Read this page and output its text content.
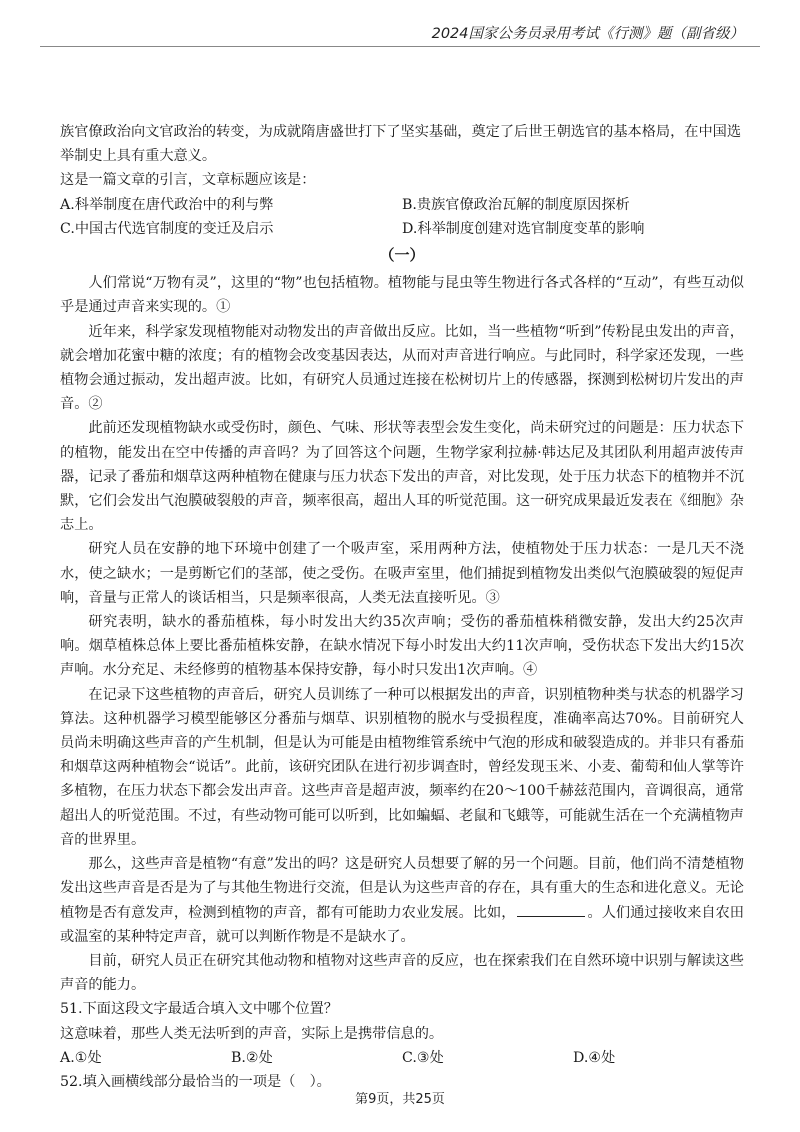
2024国家公务员录用考试《行测》题（副省级）

族官僚政治向文官政治的转变，为成就隋唐盛世打下了坚实基础，奠定了后世王朝选官的基本格局，在中国选
举制史上具有重大意义。

这是一篇文章的引言，文章标题应该是：

A.科举制度在唐代政治中的利与弊	B.贵族官僚政治瓦解的制度原因探析
C.中国古代选官制度的变迁及启示	D.科举制度创建对选官制度变革的影响
（一）

人们常说“万物有灵”，这里的“物”也包括植物。植物能与昆虫等生物进行各式各样的“互动”，有些互动似乎是通过声音来实现的。①

近年来，科学家发现植物能对动物发出的声音做出反应。比如，当一些植物“听到”传粉昆虫发出的声音，就会增加花蜜中糖的浓度；有的植物会改变基因表达，从而对声音进行响应。与此同时，科学家还发现，一些植物会通过振动，发出超声波。比如，有研究人员通过连接在松树切片上的传感器，探测到松树切片发出的声音。②

此前还发现植物缺水或受伤时，颜色、气味、形状等表型会发生变化，尚未研究过的问题是：压力状态下的植物，能发出在空中传播的声音吗？为了回答这个问题，生物学家利拉赫·韩达尼及其团队利用超声波传声器，记录了番茄和烟草这两种植物在健康与压力状态下发出的声音，对比发现，处于压力状态下的植物并不沉默，它们会发出气泡膜破裂般的声音，频率很高，超出人耳的听觉范围。这一研究成果最近发表在《细胞》杂志上。

研究人员在安静的地下环境中创建了一个吸声室，采用两种方法，使植物处于压力状态：一是几天不浇水，使之缺水；一是剪断它们的茎部，使之受伤。在吸声室里，他们捕捉到植物发出类似气泡膜破裂的短促声响，音量与正常人的谈话相当，只是频率很高，人类无法直接听见。③

研究表明，缺水的番茄植株，每小时发出大约35次声响；受伤的番茄植株稍微安静，发出大约25次声响。烟草植株总体上要比番茄植株安静，在缺水情况下每小时发出大约11次声响，受伤状态下发出大约15次声响。水分充足、未经修剪的植物基本保持安静，每小时只发出1次声响。④

在记录下这些植物的声音后，研究人员训练了一种可以根据发出的声音，识别植物种类与状态的机器学习算法。这种机器学习模型能够区分番茄与烟草、识别植物的脱水与受损程度，准确率高达70%。目前研究人员尚未明确这些声音的产生机制，但是认为可能是由植物维管系统中气泡的形成和破裂造成的。并非只有番茄和烟草这两种植物会“说话”。此前，该研究团队在进行初步调查时，曾经发现玉米、小麦、葡萄和仙人掌等许多植物，在压力状态下都会发出声音。这些声音是超声波，频率约在20～100千赫兹范围内，音调很高，通常超出人的听觉范围。不过，有些动物可能可以听到，比如蝙蝠、老鼠和飞蛾等，可能就生活在一个充满植物声音的世界里。

那么，这些声音是植物“有意”发出的吗？这是研究人员想要了解的另一个问题。目前，他们尚不清楚植物发出这些声音是否是为了与其他生物进行交流，但是认为这些声音的存在，具有重大的生态和进化意义。无论植物是否有意发声，检测到植物的声音，都有可能助力农业发展。比如，	。人们通过接收来自农田或温室的某种特定声音，就可以判断作物是不是缺水了。

目前，研究人员正在研究其他动物和植物对这些声音的反应，也在探索我们在自然环境中识别与解读这些声音的能力。

51.下面这段文字最适合填入文中哪个位置？

这意味着，那些人类无法听到的声音，实际上是携带信息的。

A.①处	B.②处	C.③处	D.④处

52.填入画横线部分最恰当的一项是（　）。

第9页，共25页
